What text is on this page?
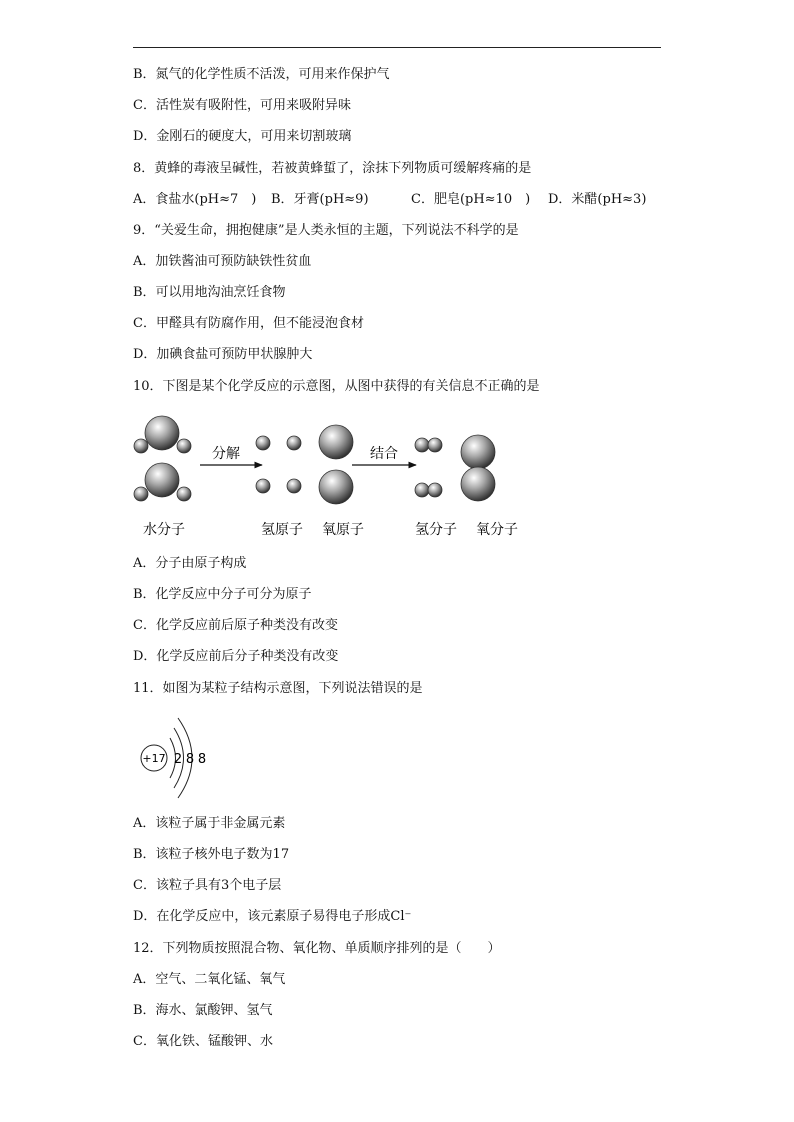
B．氮气的化学性质不活泼，可用来作保护气
C．活性炭有吸附性，可用来吸附异味
D．金刚石的硬度大，可用来切割玻璃
8．黄蜂的毒液呈碱性，若被黄蜂蜇了，涂抹下列物质可缓解疼痛的是
A．食盐水(pH≈7　) B．牙膏(pH≈9)	C．肥皂(pH≈10　) D．米醋(pH≈3)
9．“关爱生命，拥抱健康”是人类永恒的主题，下列说法不科学的是
A．加铁酱油可预防缺铁性贫血
B．可以用地沟油烹饪食物
C．甲醛具有防腐作用，但不能浸泡食材
D．加碘食盐可预防甲状腺肿大
10．下图是某个化学反应的示意图，从图中获得的有关信息不正确的是
分解	结合
水分子	氢原子 氧原子	氢分子 氧分子
A．分子由原子构成
B．化学反应中分子可分为原子
C．化学反应前后原子种类没有改变
D．化学反应前后分子种类没有改变
11．如图为某粒子结构示意图，下列说法错误的是
+17 2 8 8
A．该粒子属于非金属元素
B．该粒子核外电子数为17
C．该粒子具有3个电子层
D．在化学反应中，该元素原子易得电子形成Cl⁻
12．下列物质按照混合物、氧化物、单质顺序排列的是（　　）
A．空气、二氧化锰、氧气
B．海水、氯酸钾、氢气
C．氧化铁、锰酸钾、水
